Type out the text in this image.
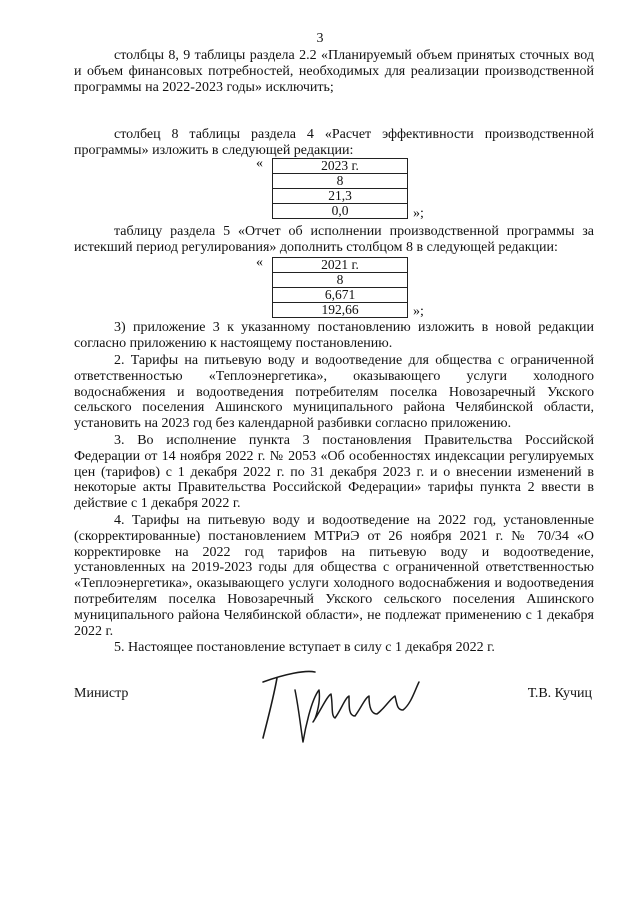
3

столбцы 8, 9 таблицы раздела 2.2 «Планируемый объем принятых сточных вод и объем финансовых потребностей, необходимых для реализации производственной программы на 2022-2023 годы» исключить;

столбец 8 таблицы раздела 4 «Расчет эффективности производственной программы» изложить в следующей редакции:

«	2023 г.
8
21,3
0,0	»;

таблицу раздела 5 «Отчет об исполнении производственной программы за истекший период регулирования» дополнить столбцом 8 в следующей редакции:

«	2021 г.
8
6,671
192,66	»;

3) приложение 3 к указанному постановлению изложить в новой редакции согласно приложению к настоящему постановлению.

2. Тарифы на питьевую воду и водоотведение для общества с ограниченной ответственностью «Теплоэнергетика», оказывающего услуги холодного водоснабжения и водоотведения потребителям поселка Новозаречный Укского сельского поселения Ашинского муниципального района Челябинской области, установить на 2023 год без календарной разбивки согласно приложению.

3. Во исполнение пункта 3 постановления Правительства Российской Федерации от 14 ноября 2022 г. № 2053 «Об особенностях индексации регулируемых цен (тарифов) с 1 декабря 2022 г. по 31 декабря 2023 г. и о внесении изменений в некоторые акты Правительства Российской Федерации» тарифы пункта 2 ввести в действие с 1 декабря 2022 г.

4. Тарифы на питьевую воду и водоотведение на 2022 год, установленные (скорректированные) постановлением МТРиЭ от 26 ноября 2021 г. № 70/34 «О корректировке на 2022 год тарифов на питьевую воду и водоотведение, установленных на 2019-2023 годы для общества с ограниченной ответственностью «Теплоэнергетика», оказывающего услуги холодного водоснабжения и водоотведения потребителям поселка Новозаречный Укского сельского поселения Ашинского муниципального района Челябинской области», не подлежат применению с 1 декабря 2022 г.

5. Настоящее постановление вступает в силу с 1 декабря 2022 г.

Министр	Т.В. Кучиц
